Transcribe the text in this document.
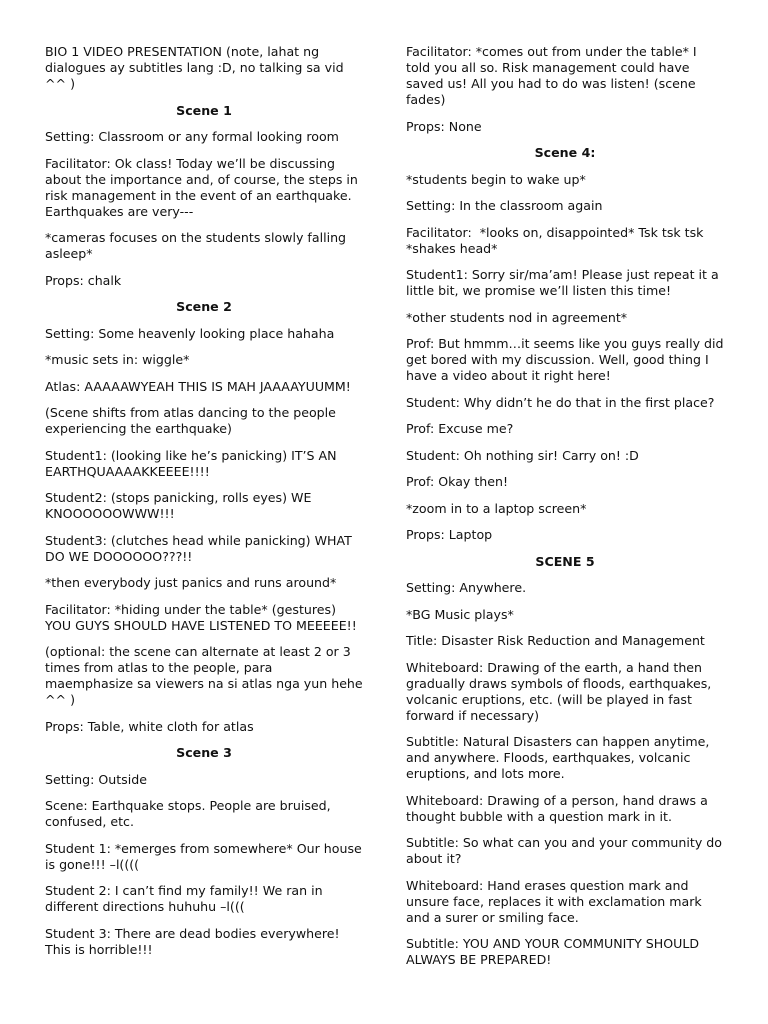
BIO 1 VIDEO PRESENTATION (note, lahat ng dialogues ay subtitles lang :D, no talking sa vid ^^ )
Scene 1
Setting: Classroom or any formal looking room
Facilitator: Ok class! Today we’ll be discussing about the importance and, of course, the steps in risk management in the event of an earthquake. Earthquakes are very---
*cameras focuses on the students slowly falling asleep*
Props: chalk
Scene 2
Setting: Some heavenly looking place hahaha
*music sets in: wiggle*
Atlas: AAAAAWYEAH THIS IS MAH JAAAAYUUMM!
(Scene shifts from atlas dancing to the people experiencing the earthquake)
Student1: (looking like he’s panicking) IT’S AN EARTHQUAAAAKKEEEE!!!!
Student2: (stops panicking, rolls eyes) WE KNOOOOOOWWW!!!
Student3: (clutches head while panicking) WHAT DO WE DOOOOOO???!!
*then everybody just panics and runs around*
Facilitator: *hiding under the table* (gestures) YOU GUYS SHOULD HAVE LISTENED TO MEEEEE!!
(optional: the scene can alternate at least 2 or 3 times from atlas to the people, para maemphasize sa viewers na si atlas nga yun hehe ^^ )
Props: Table, white cloth for atlas
Scene 3
Setting: Outside
Scene: Earthquake stops. People are bruised, confused, etc.
Student 1: *emerges from somewhere* Our house is gone!!! –l((((
Student 2: I can’t find my family!! We ran in different directions huhuhu –l(((
Student 3: There are dead bodies everywhere! This is horrible!!!
Facilitator: *comes out from under the table* I told you all so. Risk management could have saved us! All you had to do was listen! (scene fades)
Props: None
Scene 4:
*students begin to wake up*
Setting: In the classroom again
Facilitator:  *looks on, disappointed* Tsk tsk tsk *shakes head*
Student1: Sorry sir/ma’am! Please just repeat it a little bit, we promise we’ll listen this time!
*other students nod in agreement*
Prof: But hmmm…it seems like you guys really did get bored with my discussion. Well, good thing I have a video about it right here!
Student: Why didn’t he do that in the first place?
Prof: Excuse me?
Student: Oh nothing sir! Carry on! :D
Prof: Okay then!
*zoom in to a laptop screen*
Props: Laptop
SCENE 5
Setting: Anywhere.
*BG Music plays*
Title: Disaster Risk Reduction and Management
Whiteboard: Drawing of the earth, a hand then gradually draws symbols of floods, earthquakes, volcanic eruptions, etc. (will be played in fast forward if necessary)
Subtitle: Natural Disasters can happen anytime, and anywhere. Floods, earthquakes, volcanic eruptions, and lots more.
Whiteboard: Drawing of a person, hand draws a thought bubble with a question mark in it.
Subtitle: So what can you and your community do about it?
Whiteboard: Hand erases question mark and unsure face, replaces it with exclamation mark and a surer or smiling face.
Subtitle: YOU AND YOUR COMMUNITY SHOULD ALWAYS BE PREPARED!
